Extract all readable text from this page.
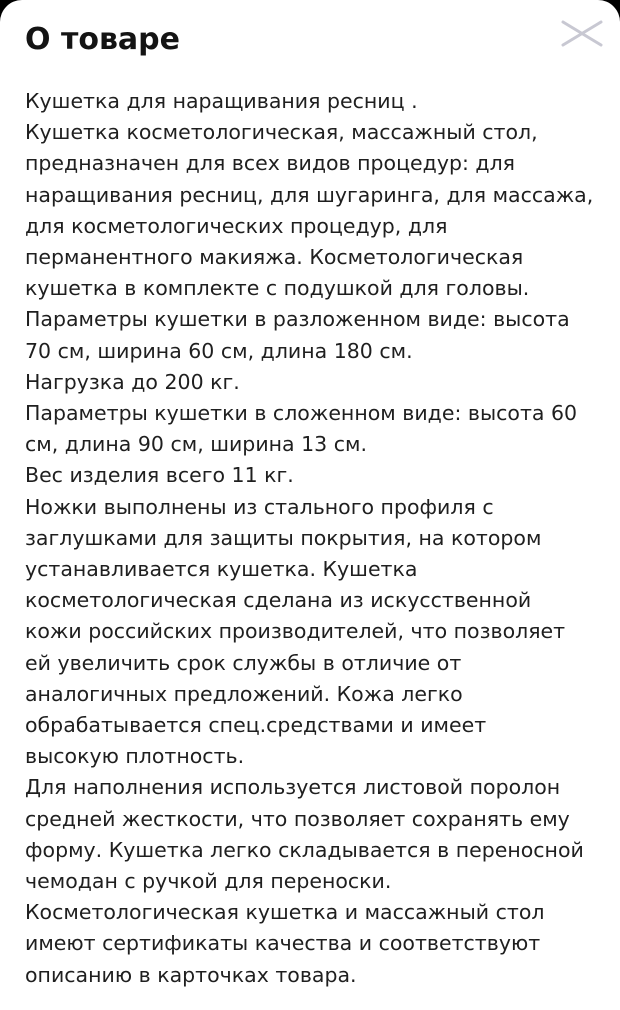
О товаре
Кушетка для наращивания ресниц .
Кушетка косметологическая, массажный стол,
предназначен для всех видов процедур: для
наращивания ресниц, для шугаринга, для массажа,
для косметологических процедур, для
перманентного макияжа. Косметологическая
кушетка в комплекте с подушкой для головы.
Параметры кушетки в разложенном виде: высота
70 см, ширина 60 см, длина 180 см.
Нагрузка до 200 кг.
Параметры кушетки в сложенном виде: высота 60
см, длина 90 см, ширина 13 см.
Вес изделия всего 11 кг.
Ножки выполнены из стального профиля с
заглушками для защиты покрытия, на котором
устанавливается кушетка. Кушетка
косметологическая сделана из искусственной
кожи российских производителей, что позволяет
ей увеличить срок службы в отличие от
аналогичных предложений. Кожа легко
обрабатывается спец.средствами и имеет
высокую плотность.
Для наполнения используется листовой поролон
средней жесткости, что позволяет сохранять ему
форму. Кушетка легко складывается в переносной
чемодан с ручкой для переноски.
Косметологическая кушетка и массажный стол
имеют сертификаты качества и соответствуют
описанию в карточках товара.
